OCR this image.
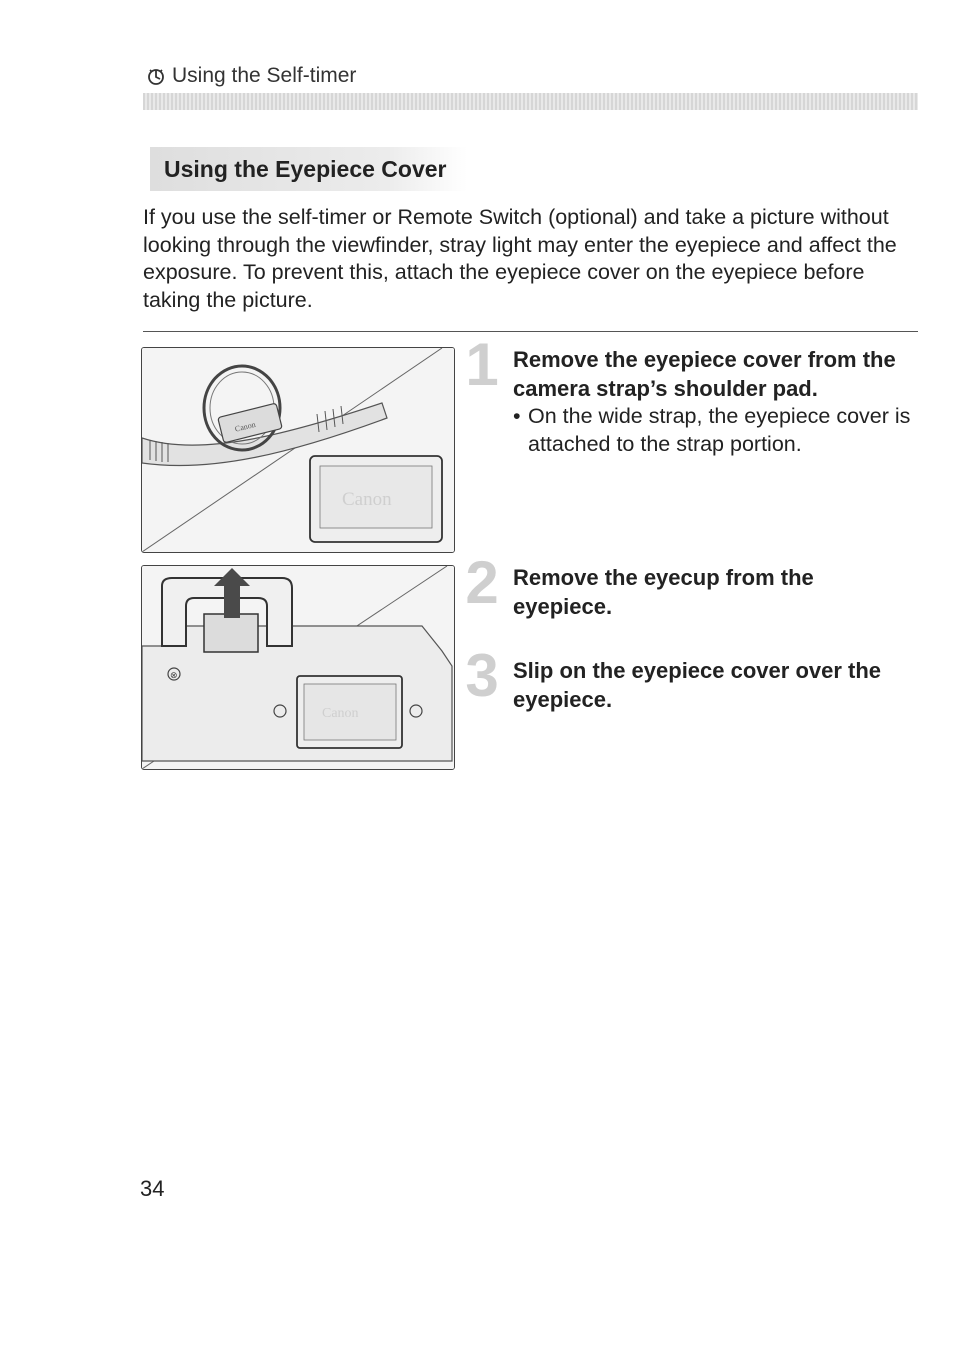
Using the Self-timer
Using the Eyepiece Cover

If you use the self-timer or Remote Switch (optional) and take a picture without looking through the viewfinder, stray light may enter the eyepiece and affect the exposure. To prevent this, attach the eyepiece cover on the eyepiece before taking the picture.

Canon
Canon
⊗
Canon
1 Remove the eyepiece cover from the camera strap’s shoulder pad.
• On the wide strap, the eyepiece cover is attached to the strap portion.
2 Remove the eyecup from the eyepiece.
3 Slip on the eyepiece cover over the eyepiece.
34
